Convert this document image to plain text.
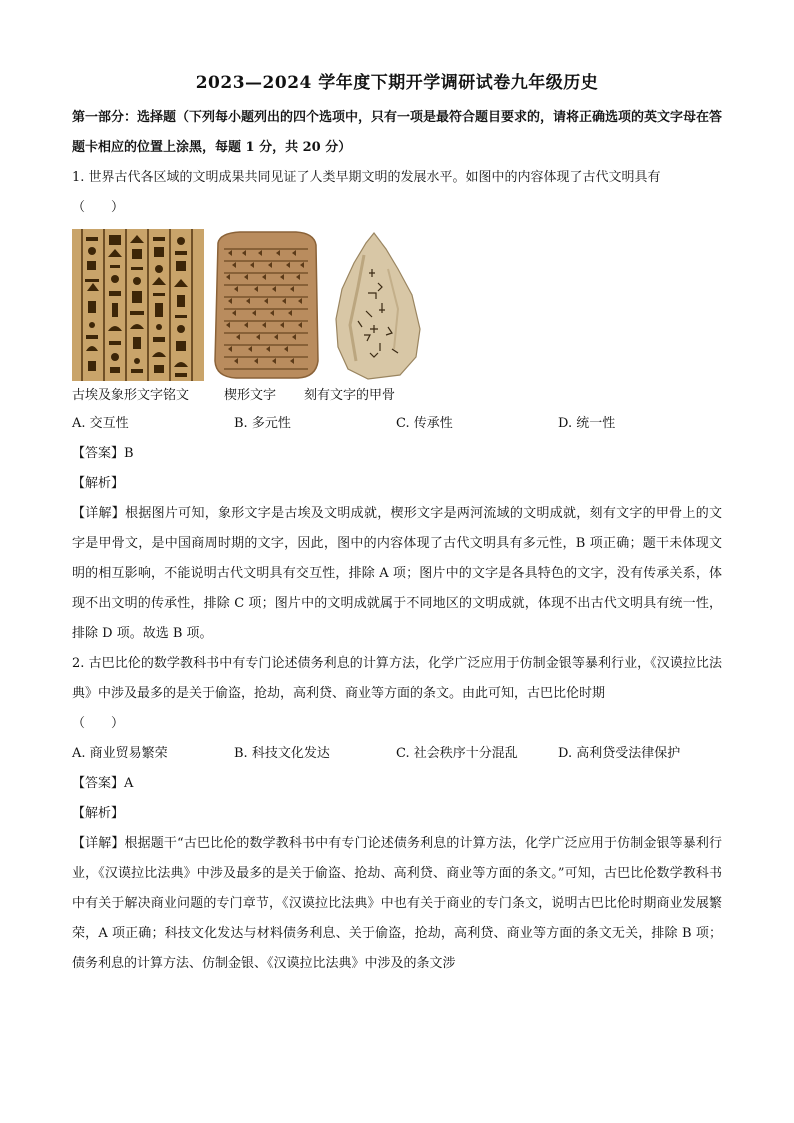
2023—2024 学年度下期开学调研试卷九年级历史

第一部分：选择题（下列每小题列出的四个选项中，只有一项是最符合题目要求的，请将正确选项的英文字母在答题卡相应的位置上涂黑，每题 1 分，共 20 分）

1. 世界古代各区域的文明成果共同见证了人类早期文明的发展水平。如图中的内容体现了古代文明具有

（　　）

古埃及象形文字铭文	楔形文字	刻有文字的甲骨
A. 交互性	B. 多元性	C. 传承性	D. 统一性

【答案】B

【解析】

【详解】根据图片可知，象形文字是古埃及文明成就，楔形文字是两河流域的文明成就，刻有文字的甲骨上的文字是甲骨文，是中国商周时期的文字，因此，图中的内容体现了古代文明具有多元性，B 项正确；题干未体现文明的相互影响，不能说明古代文明具有交互性，排除 A 项；图片中的文字是各具特色的文字，没有传承关系，体现不出文明的传承性，排除 C 项；图片中的文明成就属于不同地区的文明成就，体现不出古代文明具有统一性，排除 D 项。故选 B 项。

2. 古巴比伦的数学教科书中有专门论述债务利息的计算方法，化学广泛应用于仿制金银等暴利行业，《汉谟拉比法典》中涉及最多的是关于偷盗，抢劫，高利贷、商业等方面的条文。由此可知，古巴比伦时期

（　　）

A. 商业贸易繁荣	B. 科技文化发达	C. 社会秩序十分混乱	D. 高利贷受法律保护

【答案】A

【解析】

【详解】根据题干“古巴比伦的数学教科书中有专门论述债务利息的计算方法，化学广泛应用于仿制金银等暴利行业，《汉谟拉比法典》中涉及最多的是关于偷盗、抢劫、高利贷、商业等方面的条文。”可知，古巴比伦数学教科书中有关于解决商业问题的专门章节，《汉谟拉比法典》中也有关于商业的专门条文，说明古巴比伦时期商业发展繁荣，A 项正确；科技文化发达与材料债务利息、关于偷盗，抢劫，高利贷、商业等方面的条文无关，排除 B 项；债务利息的计算方法、仿制金银、《汉谟拉比法典》中涉及的条文涉
